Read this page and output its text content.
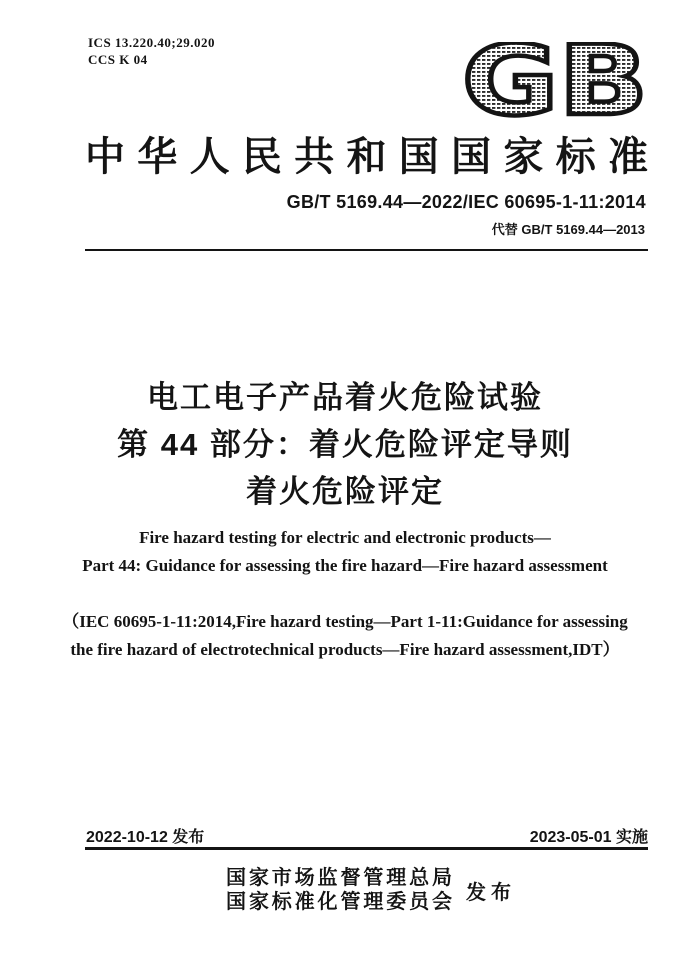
ICS 13.220.40;29.020
CCS K 04	GB
中华人民共和国国家标准
GB/T 5169.44—2022/IEC 60695-1-11:2014
代替 GB/T 5169.44—2013
电工电子产品着火危险试验
第 44 部分：着火危险评定导则
着火危险评定
Fire hazard testing for electric and electronic products—
Part 44: Guidance for assessing the fire hazard—Fire hazard assessment
（IEC 60695-1-11:2014,Fire hazard testing—Part 1-11:Guidance for assessing
the fire hazard of electrotechnical products—Fire hazard assessment,IDT）
2022-10-12 发布	2023-05-01 实施
国家市场监督管理总局
国家标准化管理委员会 发 布
